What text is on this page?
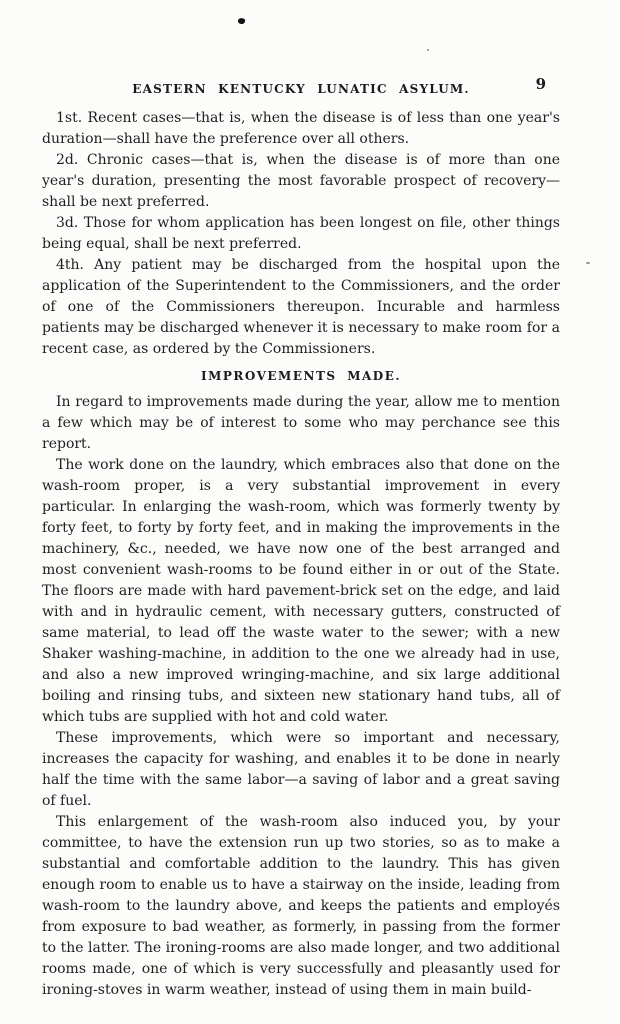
EASTERN KENTUCKY LUNATIC ASYLUM.	9

1st. Recent cases—that is, when the disease is of less than one year's duration—shall have the preference over all others.

2d. Chronic cases—that is, when the disease is of more than one year's duration, presenting the most favorable prospect of recovery—shall be next preferred.

3d. Those for whom application has been longest on file, other things being equal, shall be next preferred.

4th. Any patient may be discharged from the hospital upon the application of the Superintendent to the Commissioners, and the order of one of the Commissioners thereupon. Incurable and harmless patients may be discharged whenever it is necessary to make room for a recent case, as ordered by the Commissioners.

IMPROVEMENTS MADE.

In regard to improvements made during the year, allow me to mention a few which may be of interest to some who may perchance see this report.

The work done on the laundry, which embraces also that done on the wash-room proper, is a very substantial improvement in every particular. In enlarging the wash-room, which was formerly twenty by forty feet, to forty by forty feet, and in making the improvements in the machinery, &c., needed, we have now one of the best arranged and most convenient wash-rooms to be found either in or out of the State. The floors are made with hard pavement-brick set on the edge, and laid with and in hydraulic cement, with necessary gutters, constructed of same material, to lead off the waste water to the sewer; with a new Shaker washing-machine, in addition to the one we already had in use, and also a new improved wringing-machine, and six large additional boiling and rinsing tubs, and sixteen new stationary hand tubs, all of which tubs are supplied with hot and cold water.

These improvements, which were so important and necessary, increases the capacity for washing, and enables it to be done in nearly half the time with the same labor—a saving of labor and a great saving of fuel.

This enlargement of the wash-room also induced you, by your committee, to have the extension run up two stories, so as to make a substantial and comfortable addition to the laundry. This has given enough room to enable us to have a stairway on the inside, leading from wash-room to the laundry above, and keeps the patients and employés from exposure to bad weather, as formerly, in passing from the former to the latter. The ironing-rooms are also made longer, and two additional rooms made, one of which is very successfully and pleasantly used for ironing-stoves in warm weather, instead of using them in main build-
